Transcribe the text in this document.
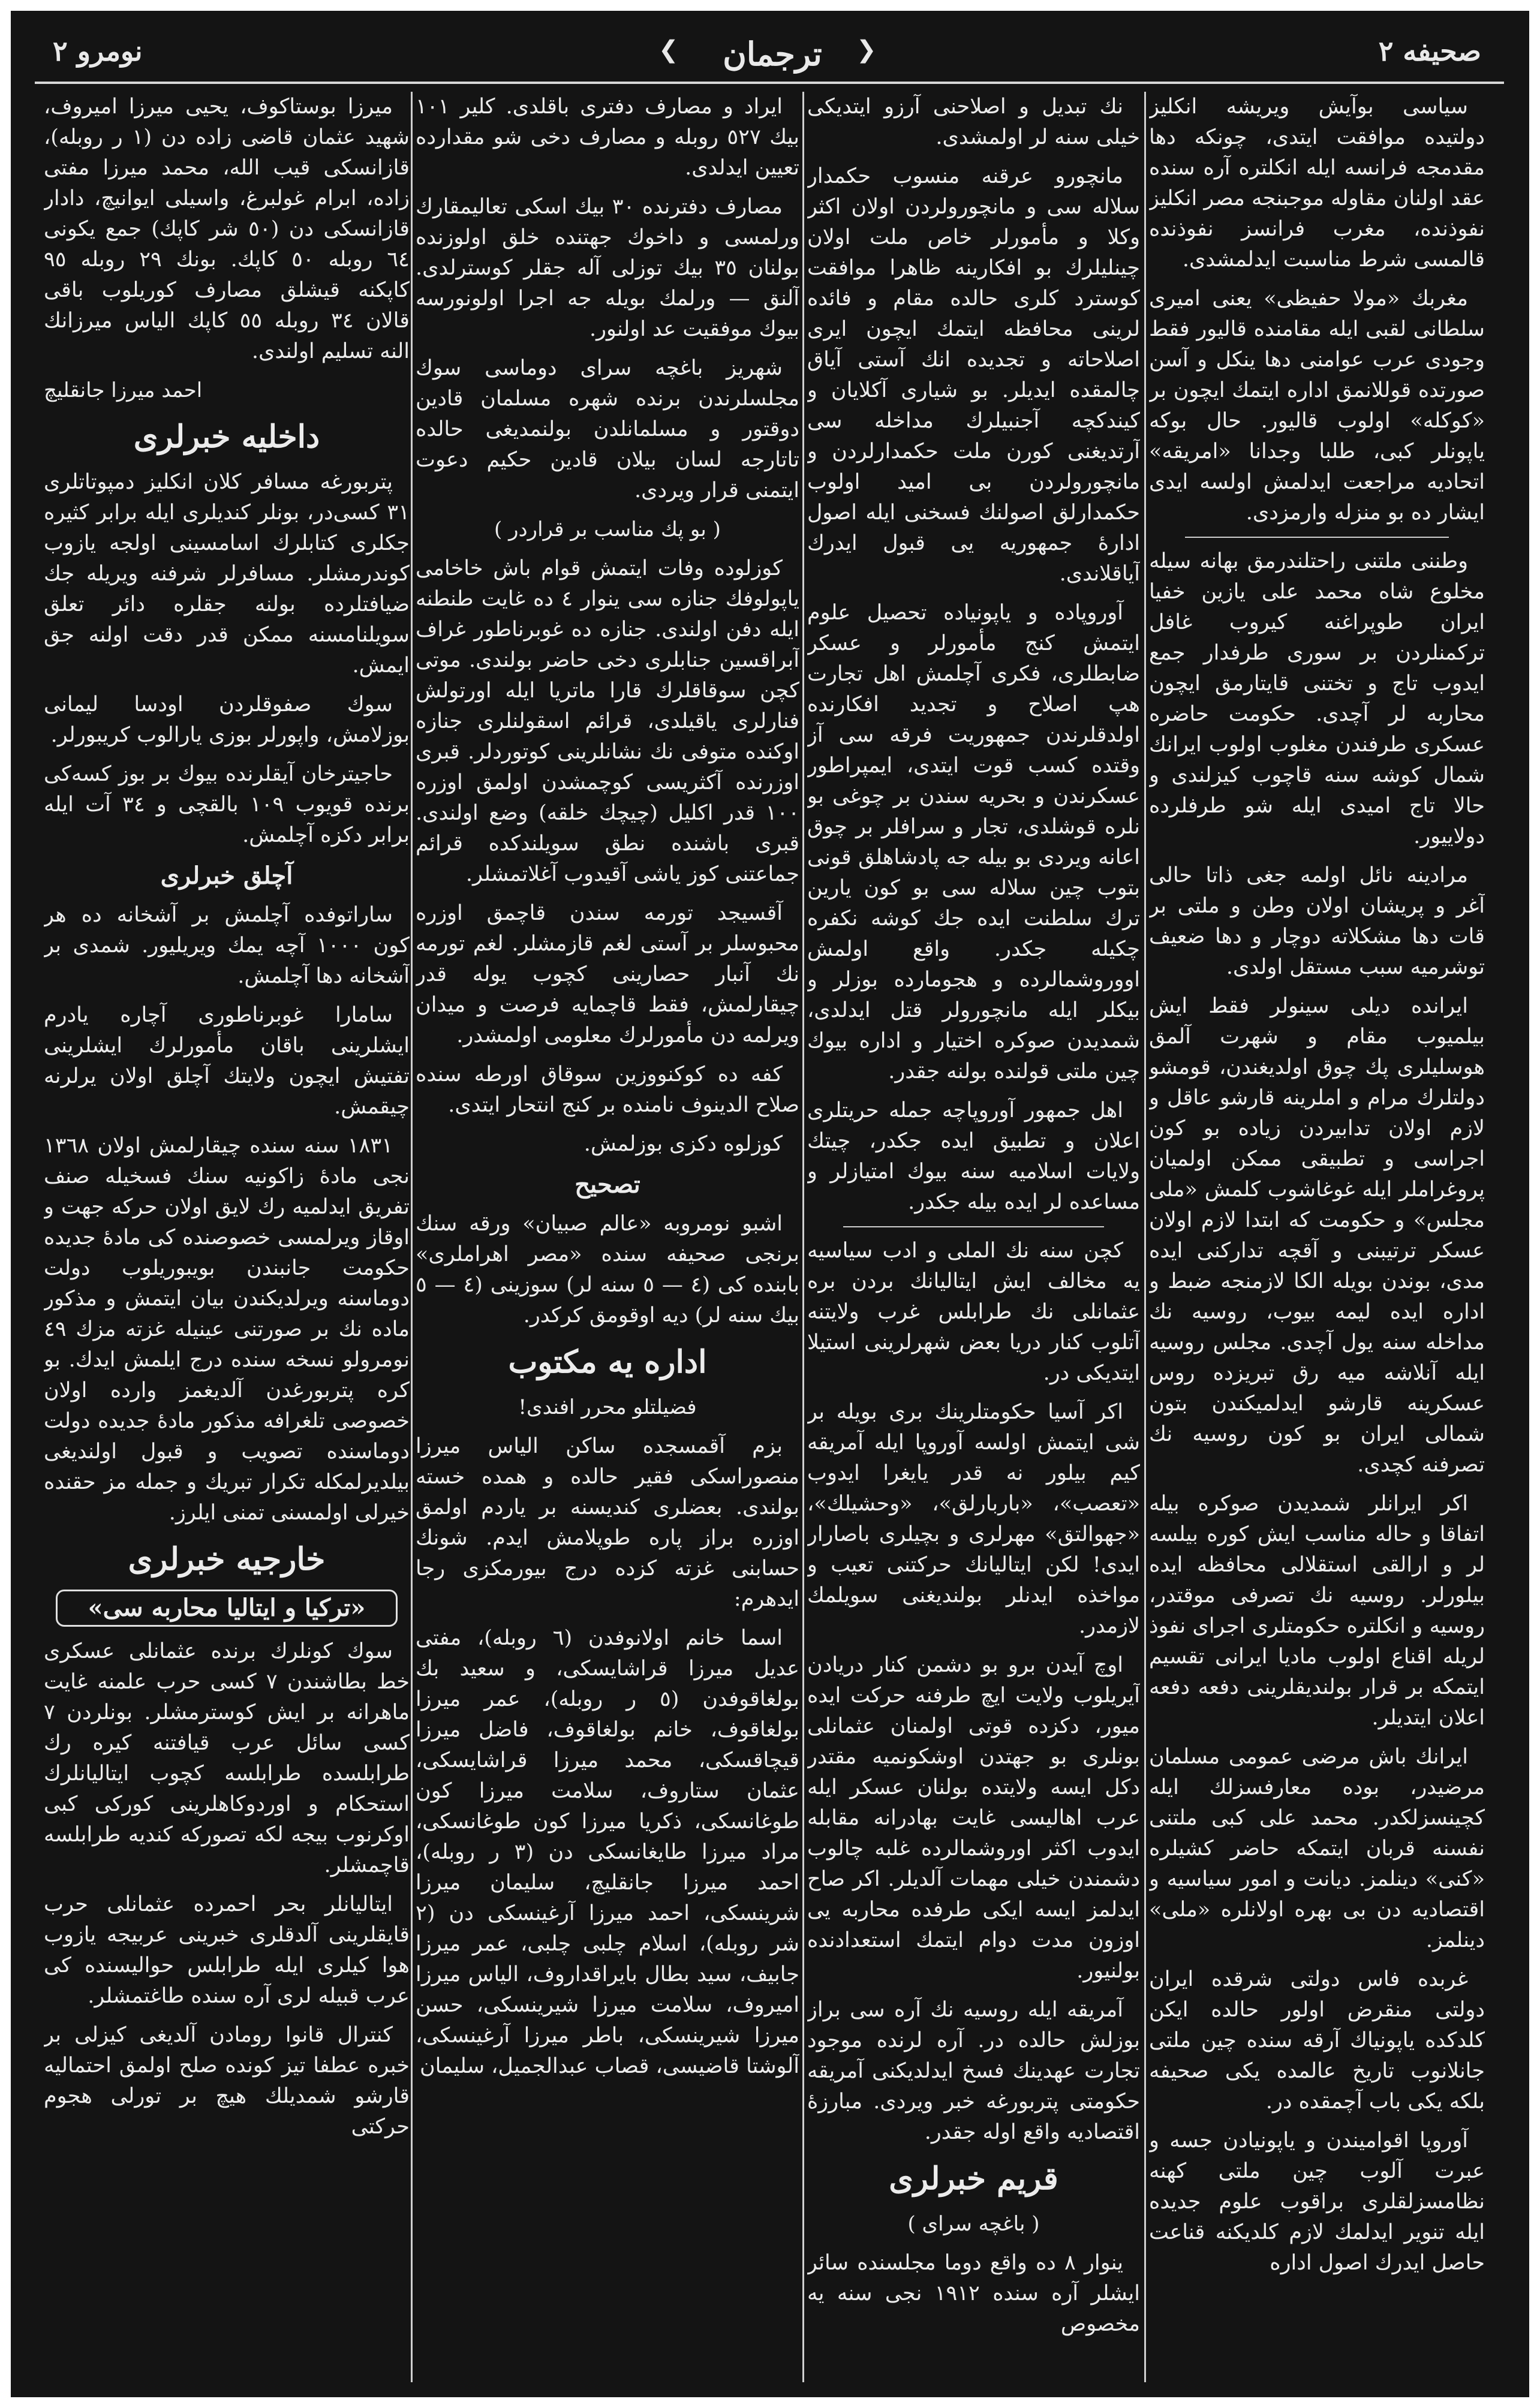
نومرو ٢	❮	ترجمان	❯	صحيفه ٢

سياسى بوآيش ويريشه انكليز دولتيده موافقت ايتدى، چونكه دها مقدمجه فرانسه ايله انكلتره آره سنده عقد اولنان مقاوله موجبنجه مصر انكليز نفوذنده، مغرب فرانسز نفوذنده قالمسى شرط مناسبت ايدلمشدى.

مغربك «مولا حفيظى» يعنى اميرى سلطانى لقبى ايله مقامنده قاليور فقط وجودى عرب عوامنى دها ينكل و آسن صورتده قوللانمق اداره ايتمك ايچون بر «كوكله» اولوب قاليور. حال بوكه ياپونلر كبى، طلبا وجدانا «امريقه» اتحاديه مراجعت ايدلمش اولسه ايدى ايشار ده بو منزله وارمزدى.

وطننى ملتنى راحتلندرمق بهانه سيله مخلوع شاه محمد على يازين خفيا ايران طوپراغنه كيروب غافل تركمنلردن بر سورى طرفدار جمع ايدوب تاج و تختنى قايتارمق ايچون محاربه لر آچدى. حكومت حاضره عسكرى طرفندن مغلوب اولوب ايرانك شمال كوشه سنه قاچوب كيزلندى و حالا تاج اميدى ايله شو طرفلرده دولاييور.

مرادينه نائل اولمه جغى ذاتا حالى آغر و پريشان اولان وطن و ملتى بر قات دها مشكلاته دوچار و دها ضعيف توشرميه سبب مستقل اولدى.

ايرانده ديلى سينولر فقط ايش بيلميوب مقام و شهرت آلمق هوسليلرى پك چوق اولديغندن، قومشو دولتلرك مرام و املرينه قارشو عاقل و لازم اولان تدابيردن زياده بو كون اجراسى و تطبيقى ممكن اولميان پروغراملر ايله غوغاشوب كلمش «ملى مجلس» و حكومت كه ابتدا لازم اولان عسكر ترتيبنى و آقچه تداركنى ايده مدى، بوندن بويله الكا لازمنجه ضبط و اداره ايده ليمه بيوب، روسيه نك مداخله سنه يول آچدى. مجلس روسيه ايله آنلاشه ميه رق تبريزده روس عسكرينه قارشو ايدلميكندن بتون شمالى ايران بو كون روسيه نك تصرفنه كچدى.

اكر ايرانلر شمديدن صوكره بيله اتفاقا و حاله مناسب ايش كوره بيلسه لر و ارالقى استقلالى محافظه ايده بيلورلر. روسيه نك تصرفى موقتدر، روسيه و انكلتره حكومتلرى اجراى نفوذ لريله اقناع اولوب ماديا ايرانى تقسيم ايتمكه بر قرار بولنديقلرينى دفعه دفعه اعلان ايتديلر.

ايرانك باش مرضى عمومى مسلمان مرضيدر، بوده معارفسزلك ايله كچينسزلكدر. محمد على كبى ملتنى نفسنه قربان ايتمكه حاضر كشيلره «كنى» دينلمز. ديانت و امور سياسيه و اقتصاديه دن بى بهره اولانلره «ملى» دينلمز.

غربده فاس دولتى شرقده ايران دولتى منقرض اولور حالده ايكن كلدكده ياپونياك آرقه سنده چين ملتى جانلانوب تاريخ عالمده يكى صحيفه بلكه يكى باب آچمقده در.

آوروپا اقواميندن و ياپونيادن جسه و عبرت آلوب چين ملتى كهنه نظامسزلقلرى براقوب علوم جديده ايله تنوير ايدلمك لازم كلديكنه قناعت حاصل ايدرك اصول اداره

نك تبديل و اصلاحنى آرزو ايتديكى خيلى سنه لر اولمشدى.

مانچورو عرقنه منسوب حكمدار سلاله سى و مانچورولردن اولان اكثر وكلا و مأمورلر خاص ملت اولان چينليلرك بو افكارينه ظاهرا موافقت كوسترد كلرى حالده مقام و فائده لرينى محافظه ايتمك ايچون ايرى اصلاحاته و تجديده انك آستى آياق چالمقده ايديلر. بو شيارى آكلايان و كيندكچه آجنبيلرك مداخله سى آرتديغنى كورن ملت حكمدارلردن و مانچورولردن بى اميد اولوب حكمدارلق اصولنك فسخنى ايله اصول ادارهٔ جمهوريه يى قبول ايدرك آياقلاندى.

آوروپاده و ياپونياده تحصيل علوم ايتمش كنج مأمورلر و عسكر ضابطلرى، فكرى آچلمش اهل تجارت هپ اصلاح و تجديد افكارنده اولدقلرندن جمهوريت فرقه سى آز وقتده كسب قوت ايتدى، ايمپراطور عسكرندن و بحريه سندن بر چوغى بو نلره قوشلدى، تجار و سرافلر بر چوق اعانه ويردى بو بيله جه پادشاهلق قونى بتوب چين سلاله سى بو كون يارين ترك سلطنت ايده جك كوشه نكفره چكيله جكدر. واقع اولمش اووروشمالرده و هجومارده بوزلر و بيكلر ايله مانچورولر قتل ايدلدى، شمديدن صوكره اختيار و اداره بيوك چين ملتى قولنده بولنه جقدر.

اهل جمهور آوروپاچه جمله حريتلرى اعلان و تطبيق ايده جكدر، چيتك ولايات اسلاميه سنه بيوك امتيازلر و مساعده لر ايده بيله جكدر.

كچن سنه نك الملى و ادب سياسيه يه مخالف ايش ايتاليانك بردن بره عثمانلى نك طرابلس غرب ولايتنه آتلوب كنار دريا بعض شهرلرينى استيلا ايتديكى در.

اكر آسيا حكومتلرينك برى بويله بر شى ايتمش اولسه آوروپا ايله آمريقه كيم بيلور نه قدر يايغرا ايدوب «تعصب»، «باربارلق»، «وحشيلك»، «جهوالتق» مهرلرى و بچيلرى باصارار ايدى! لكن ايتاليانك حركتنى تعيب و مواخذه ايدنلر بولنديغنى سويلمك لازمدر.

اوچ آيدن برو بو دشمن كنار دريادن آيريلوب ولايت ايچ طرفنه حركت ايده ميور، دكزده قوتى اولمنان عثمانلى بونلرى بو جهتدن اوشكونميه مقتدر دكل ايسه ولايتده بولنان عسكر ايله عرب اهاليسى غايت بهادرانه مقابله ايدوب اكثر اوروشمالرده غلبه چالوب دشمندن خيلى مهمات آلديلر. اكر صاح ايدلمز ايسه ايكى طرفده محاربه يى اوزون مدت دوام ايتمك استعدادنده بولنيور.

آمريقه ايله روسيه نك آره سى براز بوزلش حالده در. آره لرنده موجود تجارت عهدينك فسخ ايدلديكنى آمريقه حكومتى پتربورغه خبر ويردى. مبارزهٔ اقتصاديه واقع اوله جقدر.

قريم خبرلرى
( باغچه سراى )

ينوار ٨ ده واقع دوما مجلسنده سائر ايشلر آره سنده ١٩١٢ نجى سنه يه مخصوص

ايراد و مصارف دفترى باقلدى. كلير ١٠١ بيك ٥٢٧ روبله و مصارف دخى شو مقدارده تعيين ايدلدى.

مصارف دفترنده ٣٠ بيك اسكى تعاليمقارك ورلمسى و داخوك جهتنده خلق اولوزنده بولنان ٣٥ بيك توزلى آله جقلر كوسترلدى. آلنق — ورلمك بويله جه اجرا اولونورسه بيوك موفقيت عد اولنور.

شهريز باغچه سراى دوماسى سوك مجلسلرندن برنده شهره مسلمان قادين دوقتور و مسلمانلدن بولنمديغى حالده تاتارجه لسان بيلان قادين حكيم دعوت ايتمنى قرار ويردى.

( بو پك مناسب بر قراردر )

كوزلوده وفات ايتمش قوام باش خاخامى ياپولوفك جنازه سى ينوار ٤ ده غايت طنطنه ايله دفن اولندى. جنازه ده غوبرناطور غراف آبراقسين جنابلرى دخى حاضر بولندى. موتى كچن سوقاقلرك قارا ماتريا ايله اورتولش فنارلرى ياقيلدى، قرائم اسقولنلرى جنازه اوكنده متوفى نك نشانلرينى كوتوردلر. قبرى اوزرنده آكثريسى كوچمشدن اولمق اوزره ١٠٠ قدر اكليل (چيچك خلقه) وضع اولندى. قبرى باشنده نطق سويلندكده قرائم جماعتنى كوز ياشى آقيدوب آغلاتمشلر.

آقسيجد تورمه سندن قاچمق اوزره محبوسلر بر آستى لغم قازمشلر. لغم تورمه نك آنبار حصارينى كچوب يوله قدر چيقارلمش، فقط قاچمايه فرصت و ميدان ويرلمه دن مأمورلرك معلومى اولمشدر.

كفه ده كوكنووزين سوقاق اورطه سنده صلاح الدينوف نامنده بر كنج انتحار ايتدى.

كوزلوه دكزى بوزلمش.

تصحيح

اشبو نومروبه «عالم صبيان» ورقه سنك برنجى صحيفه سنده «مصر اهراملرى» بابنده كى (٤ — ٥ سنه لر) سوزينى (٤ — ٥ بيك سنه لر) ديه اوقومق كركدر.

اداره يه مكتوب
فضيلتلو محرر افندى!

بزم آقمسجده ساكن الياس ميرزا منصوراسكى فقير حالده و همده خسته بولندى. بعضلرى كنديسنه بر ياردم اولمق اوزره براز پاره طوپلامش ايدم. شونك حسابنى غزته كزده درج بيورمكزى رجا ايدهرم:

اسما خانم اولانوفدن (٦ روبله)، مفتى عديل ميرزا قراشايسكى، و سعيد بك بولغاقوفدن (٥ ر روبله)، عمر ميرزا بولغاقوف، خانم بولغاقوف، فاضل ميرزا قيچاقسكى، محمد ميرزا قراشايسكى، عثمان ستاروف، سلامت ميرزا كون طوغانسكى، ذكريا ميرزا كون طوغانسكى، مراد ميرزا طايغانسكى دن (٣ ر روبله)، احمد ميرزا جانقليچ، سليمان ميرزا شرينسكى، احمد ميرزا آرغينسكى دن (٢ شر روبله)، اسلام چلبى چلبى، عمر ميرزا جابيف، سيد بطال بايراقداروف، الياس ميرزا اميروف، سلامت ميرزا شيرينسكى، حسن ميرزا شيرينسكى، باطر ميرزا آرغينسكى، آلوشتا قاضيسى، قصاب عبدالجميل، سليمان

ميرزا بوستاكوف، يحيى ميرزا اميروف، شهيد عثمان قاضى زاده دن (١ ر روبله)، قازانسكى قيب الله، محمد ميرزا مفتى زاده، ابرام غولبرغ، واسيلى ايوانيچ، دادار قازانسكى دن (٥٠ شر كاپك) جمع يكونى ٦٤ روبله ٥٠ كاپك. بونك ٢٩ روبله ٩٥ كاپكنه قيشلق مصارف كوريلوب باقى قالان ٣٤ روبله ٥٥ كاپك الياس ميرزانك النه تسليم اولندى.

احمد ميرزا جانقليچ
داخليه خبرلرى

پتربورغه مسافر كلان انكليز دمپوتاتلرى ٣١ كسى‌در، بونلر كنديلرى ايله برابر كثيره جكلرى كتابلرك اسامسينى اولجه يازوب كوندرمشلر. مسافرلر شرفنه ويريله جك ضيافتلرده بولنه جقلره دائر تعلق سويلنامسنه ممكن قدر دقت اولنه جق ايمش.

سوك صفوقلردن اودسا ليمانى بوزلامش، واپورلر بوزى يارالوب كريبورلر.

حاجيترخان آيقلرنده بيوك بر بوز كسه‌كى برنده قويوب ١٠٩ بالقچى و ٣٤ آت ايله برابر دكزه آچلمش.

آچلق خبرلرى

ساراتوفده آچلمش بر آشخانه ده هر كون ١٠٠٠ آچه يمك ويريليور. شمدى بر آشخانه دها آچلمش.

سامارا غوبرناطورى آچاره يادرم ايشلرينى باقان مأمورلرك ايشلرينى تفتيش ايچون ولايتك آچلق اولان يرلرنه چيقمش.

١٨٣١ سنه سنده چيقارلمش اولان ١٣٦٨ نجى مادهٔ زاكونيه سنك فسخيله صنف تفريق ايدلميه رك لايق اولان حركه جهت و اوقاز ويرلمسى خصوصنده كى مادهٔ جديده حكومت جانبندن بويبوريلوب دولت دوماسنه ويرلديكندن بيان ايتمش و مذكور ماده نك بر صورتنى عينيله غزته مزك ٤٩ نومرولو نسخه سنده درج ايلمش ايدك. بو كره پتربورغدن آلديغمز وارده اولان خصوصى تلغرافه مذكور مادهٔ جديده دولت دوماسنده تصويب و قبول اولنديغى بيلديرلمكله تكرار تبريك و جمله مز حقنده خيرلى اولمسنى تمنى ايلرز.

خارجيه خبرلرى
«تركيا و ايتاليا محاربه سى»

سوك كونلرك برنده عثمانلى عسكرى خط بطاشندن ٧ كسى حرب علمنه غايت ماهرانه بر ايش كوسترمشلر. بونلردن ٧ كسى سائل عرب قيافتنه كيره رك طرابلسده طرابلسه كچوب ايتاليانلرك استحكام و اوردوكاهلرينى كوركى كبى اوكرنوب بيجه لكه تصوركه كنديه طرابلسه قاچمشلر.

ايتاليانلر بحر احمرده عثمانلى حرب قايقلرينى آلدقلرى خبرينى عربيجه يازوب هوا كيلرى ايله طرابلس حواليسنده كى عرب قبيله لرى آره سنده طاغتمشلر.

كنترال قانوا رومادن آلديغى كيزلى بر خبره عطفا تيز كونده صلح اولمق احتماليه قارشو شمديلك هيچ بر تورلى هجوم حركتى
